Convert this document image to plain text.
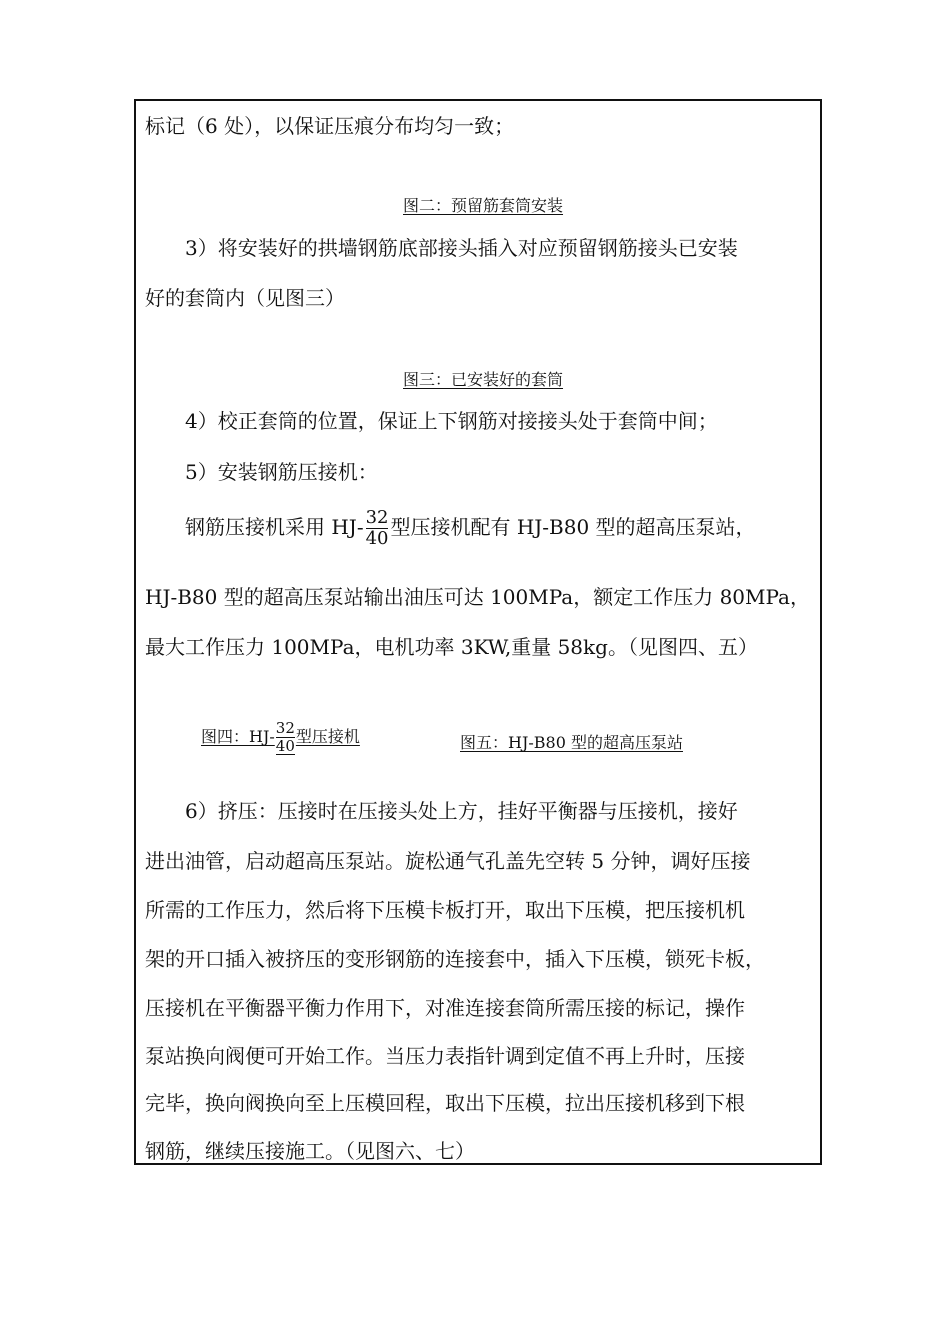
标记（6 处），以保证压痕分布均匀一致；
图二：预留筋套筒安装
3）将安装好的拱墙钢筋底部接头插入对应预留钢筋接头已安装
好的套筒内（见图三）
图三：已安装好的套筒
4）校正套筒的位置，保证上下钢筋对接接头处于套筒中间；
5）安装钢筋压接机：
钢筋压接机采用 $HJ- \frac{32}{40}$ 型压接机配有 HJ-B80 型的超高压泵站，
HJ-B80 型的超高压泵站输出油压可达 100MPa，额定工作压力 80MPa，
最大工作压力 100MPa，电机功率 3KW,重量 58kg。（见图四、五）
图四：$HJ- \frac{32}{40}$ 型压接机	图五：HJ-B80 型的超高压泵站
6）挤压：压接时在压接头处上方，挂好平衡器与压接机，接好
进出油管，启动超高压泵站。旋松通气孔盖先空转 5 分钟，调好压接
所需的工作压力，然后将下压模卡板打开，取出下压模，把压接机机
架的开口插入被挤压的变形钢筋的连接套中，插入下压模，锁死卡板，
压接机在平衡器平衡力作用下，对准连接套筒所需压接的标记，操作
泵站换向阀便可开始工作。当压力表指针调到定值不再上升时，压接
完毕，换向阀换向至上压模回程，取出下压模，拉出压接机移到下根
钢筋，继续压接施工。（见图六、七）
